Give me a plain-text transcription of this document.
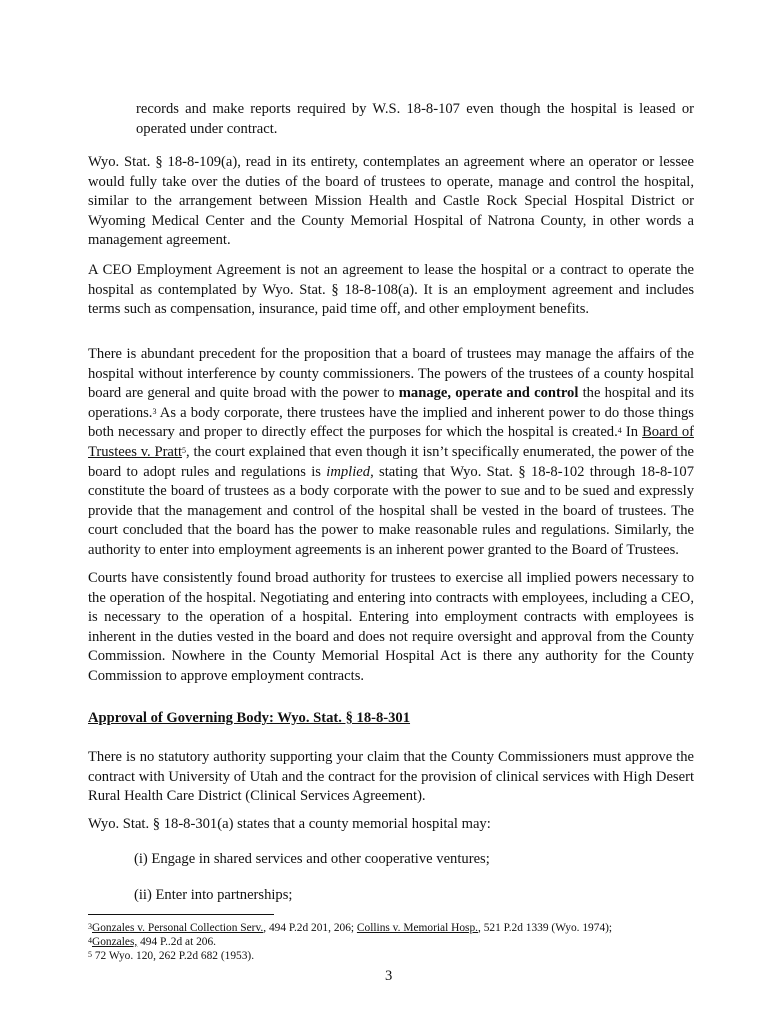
records and make reports required by W.S. 18-8-107 even though the hospital is leased or operated under contract.

Wyo. Stat. § 18-8-109(a), read in its entirety, contemplates an agreement where an operator or lessee would fully take over the duties of the board of trustees to operate, manage and control the hospital, similar to the arrangement between Mission Health and Castle Rock Special Hospital District or Wyoming Medical Center and the County Memorial Hospital of Natrona County, in other words a management agreement.

A CEO Employment Agreement is not an agreement to lease the hospital or a contract to operate the hospital as contemplated by Wyo. Stat. § 18-8-108(a). It is an employment agreement and includes terms such as compensation, insurance, paid time off, and other employment benefits.

There is abundant precedent for the proposition that a board of trustees may manage the affairs of the hospital without interference by county commissioners. The powers of the trustees of a county hospital board are general and quite broad with the power to manage, operate and control the hospital and its operations.$^3$ As a body corporate, there trustees have the implied and inherent power to do those things both necessary and proper to directly effect the purposes for which the hospital is created.$^4$ In Board of Trustees v. Pratt$^5$, the court explained that even though it isn’t specifically enumerated, the power of the board to adopt rules and regulations is implied, stating that Wyo. Stat. § 18-8-102 through 18-8-107 constitute the board of trustees as a body corporate with the power to sue and to be sued and expressly provide that the management and control of the hospital shall be vested in the board of trustees. The court concluded that the board has the power to make reasonable rules and regulations. Similarly, the authority to enter into employment agreements is an inherent power granted to the Board of Trustees.

Courts have consistently found broad authority for trustees to exercise all implied powers necessary to the operation of the hospital. Negotiating and entering into contracts with employees, including a CEO, is necessary to the operation of a hospital. Entering into employment contracts with employees is inherent in the duties vested in the board and does not require oversight and approval from the County Commission. Nowhere in the County Memorial Hospital Act is there any authority for the County Commission to approve employment contracts.

Approval of Governing Body: Wyo. Stat. § 18-8-301

There is no statutory authority supporting your claim that the County Commissioners must approve the contract with University of Utah and the contract for the provision of clinical services with High Desert Rural Health Care District (Clinical Services Agreement).

Wyo. Stat. § 18-8-301(a) states that a county memorial hospital may:

(i) Engage in shared services and other cooperative ventures;

(ii) Enter into partnerships;

$^3$Gonzales v. Personal Collection Serv., 494 P.2d 201, 206; Collins v. Memorial Hosp., 521 P.2d 1339 (Wyo. 1974);

$^4$Gonzales, 494 P..2d at 206.

$^5$ 72 Wyo. 120, 262 P.2d 682 (1953).

3
